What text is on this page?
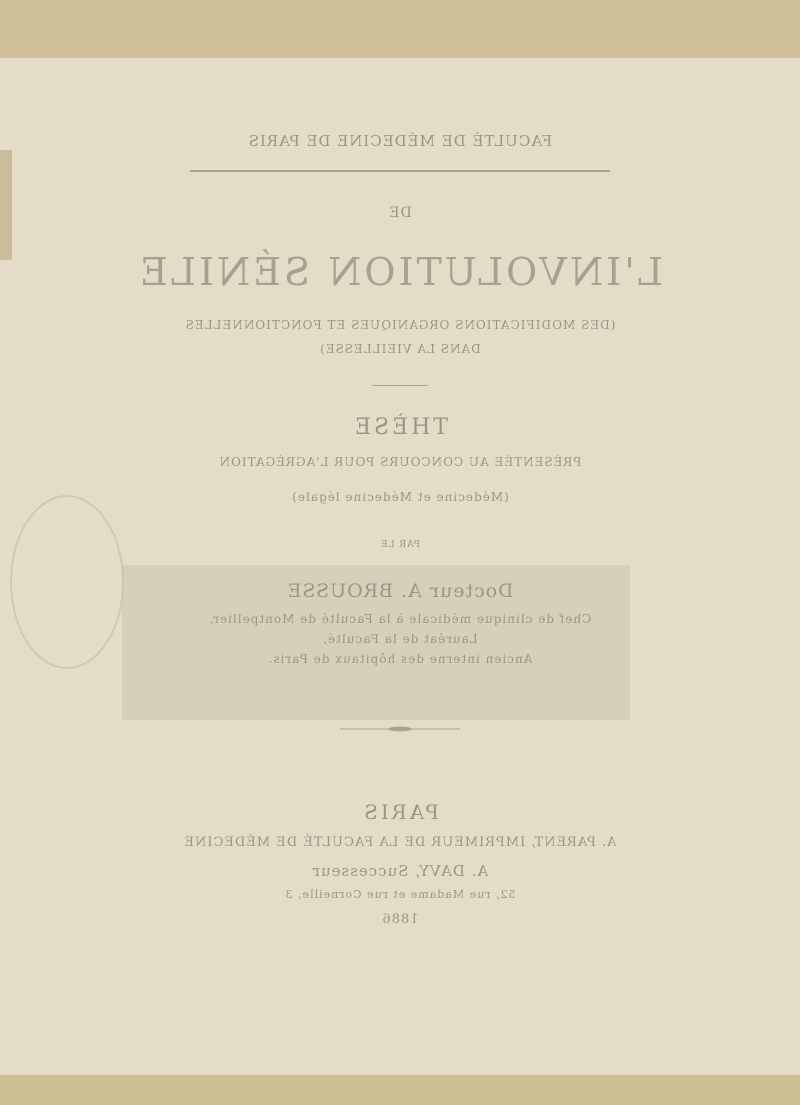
FACULTÉ DE MÉDECINE DE PARIS
DE
L'INVOLUTION SÉNILE
(DES MODIFICATIONS ORGANIQUES ET FONCTIONNELLES
DANS LA VIEILLESSE)
THÈSE
PRÉSENTÉE AU CONCOURS POUR L'AGRÉGATION
(Médecine et Médecine légale)
PAR LE
Docteur A. BROUSSE
Chef de clinique médicale à la Faculté de Montpellier,
Lauréat de la Faculté,
Ancien interne des hôpitaux de Paris.
PARIS
A. PARENT, IMPRIMEUR DE LA FACULTÉ DE MÉDECINE
A. DAVY, Successeur
52, rue Madame et rue Corneille, 3
1886
